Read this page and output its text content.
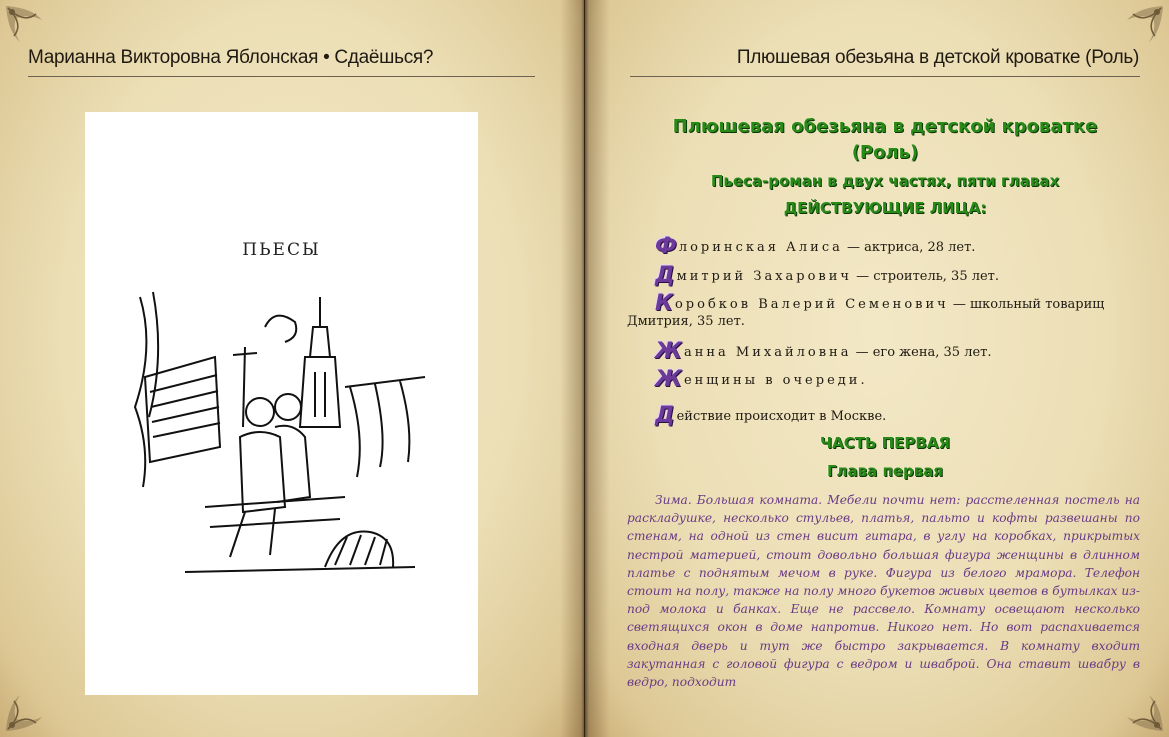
Марианна Викторовна Яблонская • Сдаёшься?
ПЬЕСЫ
Плюшевая обезьяна в детской кроватке (Роль)
Плюшевая обезьяна в детской кроватке
(Роль)
Пьеса-роман в двух частях, пяти главах
ДЕЙСТВУЮЩИЕ ЛИЦА:
Флоринская Алиса — актриса, 28 лет.
Дмитрий Захарович — строитель, 35 лет.
Коробков Валерий Семенович — школьный товарищ
Дмитрия, 35 лет.
Жанна Михайловна — его жена, 35 лет.
Женщины в очереди.
Действие происходит в Москве.
ЧАСТЬ ПЕРВАЯ
Глава первая
Зима. Большая комната. Мебели почти нет: расстеленная постель на раскладушке, несколько стульев, платья, пальто и кофты развешаны по стенам, на одной из стен висит гитара, в углу на коробках, прикрытых пестрой материей, стоит довольно большая фигура женщины в длинном платье с поднятым мечом в руке. Фигура из белого мрамора. Телефон стоит на полу, также на полу много букетов живых цветов в бутылках из-под молока и банках. Еще не рассвело. Комнату освещают несколько светящихся окон в доме напротив. Никого нет. Но вот распахивается входная дверь и тут же быстро закрывается. В комнату входит закутанная с головой фигура с ведром и шваброй. Она ставит швабру в ведро, подходит
